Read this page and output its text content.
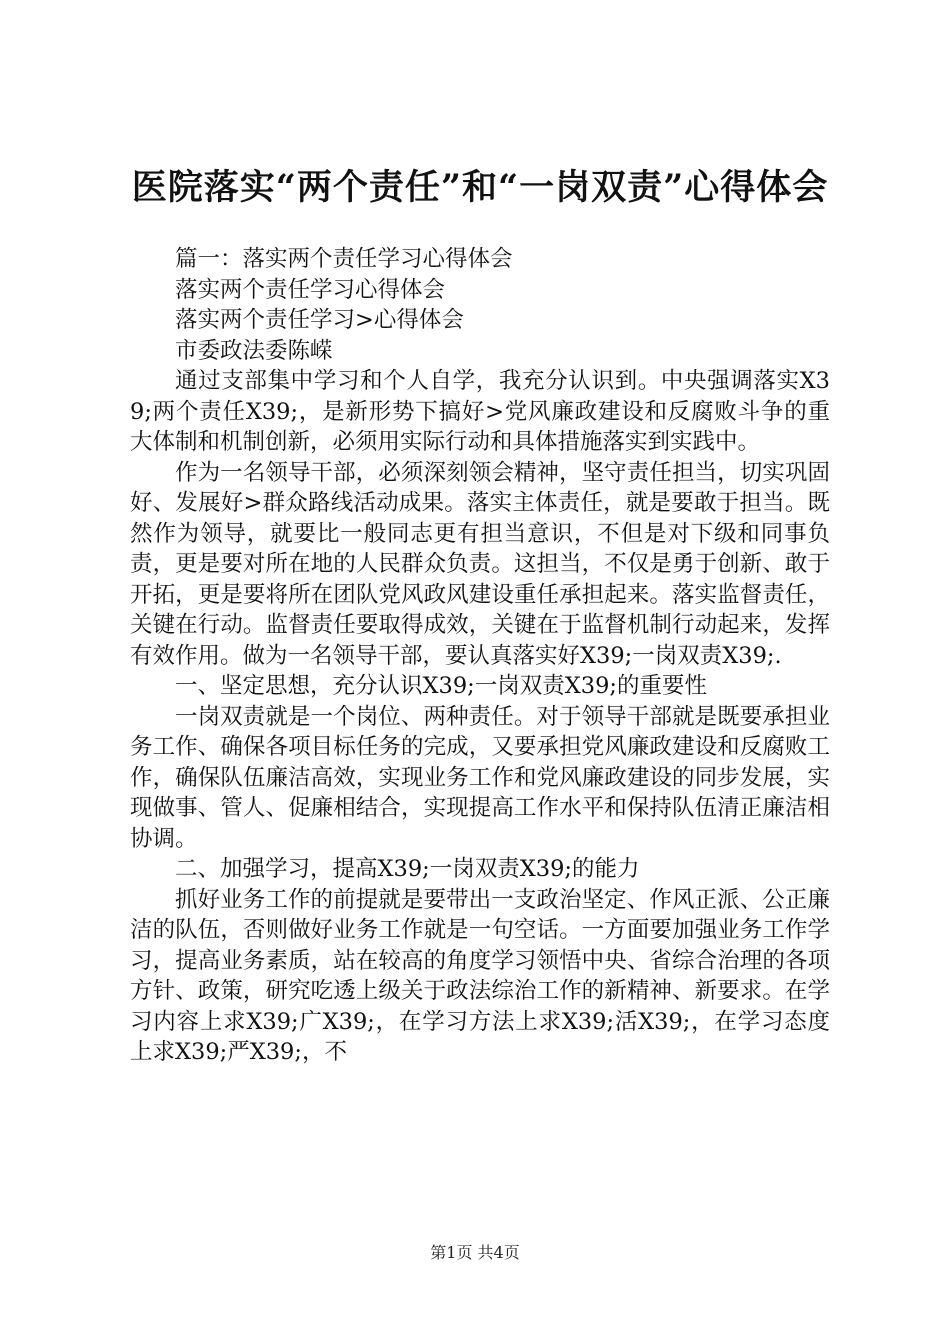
医院落实“两个责任”和“一岗双责”心得体会

篇一：落实两个责任学习心得体会

落实两个责任学习心得体会

落实两个责任学习>心得体会

市委政法委陈嵘

通过支部集中学习和个人自学，我充分认识到。中央强调落实X39;两个责任X39;，是新形势下搞好>党风廉政建设和反腐败斗争的重大体制和机制创新，必须用实际行动和具体措施落实到实践中。

作为一名领导干部，必须深刻领会精神，坚守责任担当，切实巩固好、发展好>群众路线活动成果。落实主体责任，就是要敢于担当。既然作为领导，就要比一般同志更有担当意识，不但是对下级和同事负责，更是要对所在地的人民群众负责。这担当，不仅是勇于创新、敢于开拓，更是要将所在团队党风政风建设重任承担起来。落实监督责任，关键在行动。监督责任要取得成效，关键在于监督机制行动起来，发挥有效作用。做为一名领导干部，要认真落实好X39;一岗双责X39;.

一、坚定思想，充分认识X39;一岗双责X39;的重要性

一岗双责就是一个岗位、两种责任。对于领导干部就是既要承担业务工作、确保各项目标任务的完成，又要承担党风廉政建设和反腐败工作，确保队伍廉洁高效，实现业务工作和党风廉政建设的同步发展，实现做事、管人、促廉相结合，实现提高工作水平和保持队伍清正廉洁相协调。

二、加强学习，提高X39;一岗双责X39;的能力

抓好业务工作的前提就是要带出一支政治坚定、作风正派、公正廉洁的队伍，否则做好业务工作就是一句空话。一方面要加强业务工作学习，提高业务素质，站在较高的角度学习领悟中央、省综合治理的各项方针、政策，研究吃透上级关于政法综治工作的新精神、新要求。在学习内容上求X39;广X39;，在学习方法上求X39;活X39;，在学习态度上求X39;严X39;，不

第1页 共4页
